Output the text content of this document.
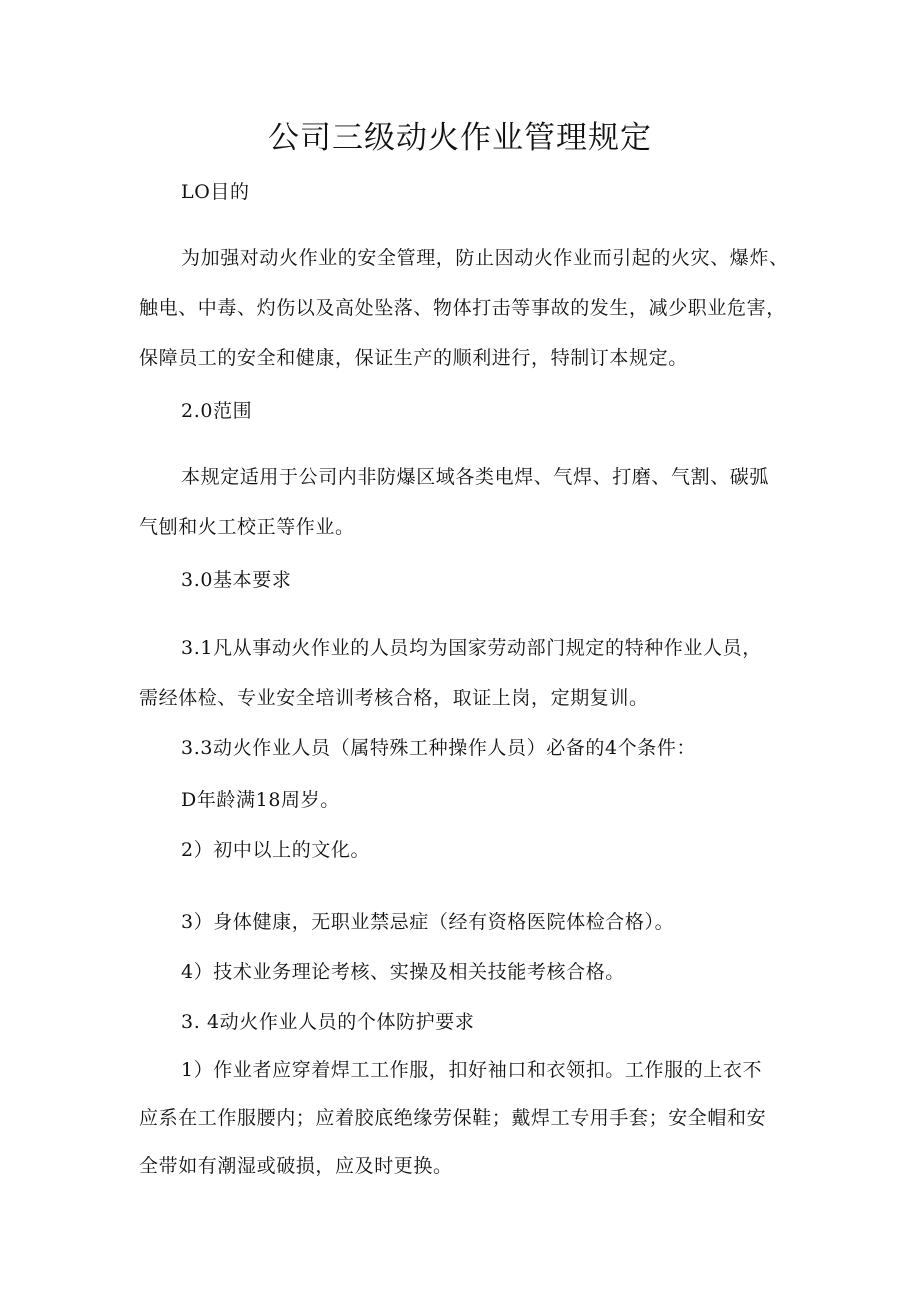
公司三级动火作业管理规定
LO目的
为加强对动火作业的安全管理，防止因动火作业而引起的火灾、爆炸、
触电、中毒、灼伤以及高处坠落、物体打击等事故的发生，减少职业危害，
保障员工的安全和健康，保证生产的顺利进行，特制订本规定。
2.0范围
本规定适用于公司内非防爆区域各类电焊、气焊、打磨、气割、碳弧
气刨和火工校正等作业。
3.0基本要求
3.1凡从事动火作业的人员均为国家劳动部门规定的特种作业人员，
需经体检、专业安全培训考核合格，取证上岗，定期复训。
3.3动火作业人员（属特殊工种操作人员）必备的4个条件：
D年龄满18周岁。
2）初中以上的文化。
3）身体健康，无职业禁忌症（经有资格医院体检合格）。
4）技术业务理论考核、实操及相关技能考核合格。
3. 4动火作业人员的个体防护要求
1）作业者应穿着焊工工作服，扣好袖口和衣领扣。工作服的上衣不
应系在工作服腰内；应着胶底绝缘劳保鞋；戴焊工专用手套；安全帽和安
全带如有潮湿或破损，应及时更换。
